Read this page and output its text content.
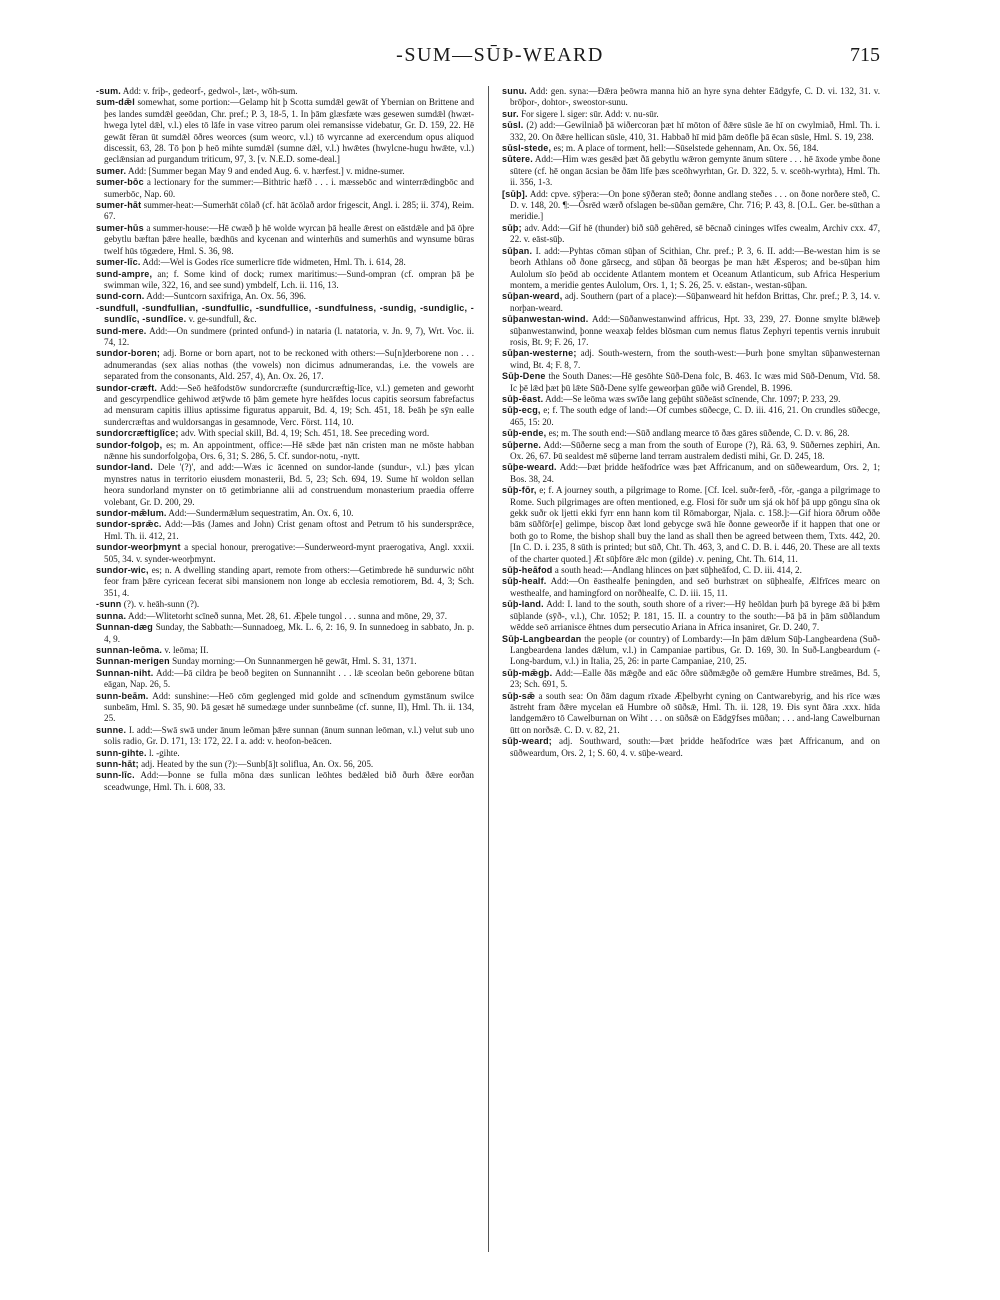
-SUM—SŪÞ-WEARD	715

-sum. Add: v. friþ-, gedeorf-, gedwol-, læt-, wōh-sum.

sum-dǣl somewhat, some portion:—Gelamp hit þ Scotta sumdǣl gewāt of Ybernian on Brittene and þes landes sumdǣl geeōdan, Chr. pref.; P. 3, 18-5, 1. In þām glæsfæte wæs gesewen sumdǣl (hwæt-hwega lytel dǣl, v.l.) eles tō lāfe in vase vitreo parum olei remansisse videbatur, Gr. D. 159, 22. Hē gewāt fēran ūt sumdǣl ōðres weorces (sum weorc, v.l.) tō wyrcanne ad exercendum opus aliquod discessit, 63, 28. Tō þon þ heō mihte sumdǣl (sumne dǣl, v.l.) hwǣtes (hwylcne-hugu hwǣte, v.l.) geclǣnsian ad purgandum triticum, 97, 3. [v. N.E.D. some-deal.]

sumer. Add: [Summer began May 9 and ended Aug. 6. v. hærfest.] v. midne-sumer.

sumer-bōc a lectionary for the summer:—Bithtric hæfð . . . i. mæssebōc and winterrǣdingbōc and sumerbōc, Nap. 60.

sumer-hāt summer-heat:—Sumerhāt cōlað (cf. hāt ācōlað ardor frigescit, Angl. i. 285; ii. 374), Reim. 67.

sumer-hūs a summer-house:—Hē cwæð þ hē wolde wyrcan þā healle ǣrest on eāstdǣle and þā ōþre gebytlu bæftan þǣre healle, bædhūs and kycenan and winterhūs and sumerhūs and wynsume būras twelf hūs tōgædere, Hml. S. 36, 98.

sumer-līc. Add:—Wel is Godes rīce sumerlicre tīde widmeten, Hml. Th. i. 614, 28.

sund-ampre, an; f. Some kind of dock; rumex maritimus:—Sund-ompran (cf. ompran þā þe swimman wile, 322, 16, and see sund) ymbdelf, Lch. ii. 116, 13.

sund-corn. Add:—Suntcorn saxifriga, An. Ox. 56, 396.

-sundfull, -sundfullian, -sundfullic, -sundfullice, -sundfulness, -sundig, -sundiglic, -sundlīc, -sundlīce. v. ge-sundfull, &c.

sund-mere. Add:—On sundmere (printed onfund-) in nataria (l. natatoria, v. Jn. 9, 7), Wrt. Voc. ii. 74, 12.

sundor-boren; adj. Borne or born apart, not to be reckoned with others:—Su[n]derborene non . . . adnumerandas (sex alias nothas (the vowels) non dicimus adnumerandas, i.e. the vowels are separated from the consonants, Ald. 257, 4), An. Ox. 26, 17.

sundor-cræft. Add:—Seō heāfodstōw sundorcræfte (sundurcræftig-līce, v.l.) gemeten and geworht and gescyrpendlice gehiwod ætȳwde tō þām gemete hyre heāfdes locus capitis seorsum fabrefactus ad mensuram capitis illius aptissime figuratus apparuit, Bd. 4, 19; Sch. 451, 18. Þeāh þe sȳn ealle sundercræftas and wuldorsangas in gesamnode, Verc. Först. 114, 10.

sundorcræftiglīce; adv. With special skill, Bd. 4, 19; Sch. 451, 18. See preceding word.

sundor-folgoþ, es; m. An appointment, office:—Hē sǣde þæt nān cristen man ne mōste habban nǣnne his sundorfolgoþa, Ors. 6, 31; S. 286, 5. Cf. sundor-notu, -nytt.

sundor-land. Dele '(?)', and add:—Wæs ic ācenned on sundor-lande (sundur-, v.l.) þæs ylcan mynstres natus in territorio eiusdem monasterii, Bd. 5, 23; Sch. 694, 19. Sume hī woldon sellan heora sundorland mynster on tō getimbrianne alii ad construendum monasterium praedia offerre volebant, Gr. D. 200, 29.

sundor-mǣlum. Add:—Sundermǣlum sequestratim, An. Ox. 6, 10.

sundor-sprǣc. Add:—Þās (James and John) Crist genam oftost and Petrum tō his sundersprǣce, Hml. Th. ii. 412, 21.

sundor-weorþmynt a special honour, prerogative:—Sunderweord-mynt praerogativa, Angl. xxxii. 505, 34. v. synder-weorþmynt.

sundor-wic, es; n. A dwelling standing apart, remote from others:—Getimbrede hē sundurwic nōht feor fram þǣre cyricean fecerat sibi mansionem non longe ab ecclesia remotiorem, Bd. 4, 3; Sch. 351, 4.

-sunn (?). v. heāh-sunn (?).

sunna. Add:—Wlitetorht scīneð sunna, Met. 28, 61. Æþele tungol . . . sunna and mōne, 29, 37.

Sunnan-dæg Sunday, the Sabbath:—Sunnadoeg, Mk. L. 6, 2: 16, 9. In sunnedoeg in sabbato, Jn. p. 4, 9.

sunnan-leōma. v. leōma; II.

Sunnan-merigen Sunday morning:—On Sunnanmergen hē gewāt, Hml. S. 31, 1371.

Sunnan-niht. Add:—Þā cildra þe beoð begiten on Sunnanniht . . . lǣ sceolan beōn geborene būtan eāgan, Nap. 26, 5.

sunn-beām. Add: sunshine:—Heō cōm geglenged mid golde and scīnendum gymstānum swilce sunbeām, Hml. S. 35, 90. Þā gesæt hē sumedæge under sunnbeāme (cf. sunne, II), Hml. Th. ii. 134, 25.

sunne. I. add:—Swā swā under ānum leōman þǣre sunnan (ānum sunnan leōman, v.l.) velut sub uno solis radio, Gr. D. 171, 13: 172, 22. I a. add: v. heofon-beācen.

sunn-gihte. l. -gihte.

sunn-hāt; adj. Heated by the sun (?):—Sunb[ā]t solifluа, An. Ox. 56, 205.

sunn-līc. Add:—Þonne se fulla mōna dæs sunlican leōhtes bedǣled bið ðurh ðǣre eorðan sceadwunge, Hml. Th. i. 608, 33.

sunu. Add: gen. syna:—Ðǣra þeōwra manna hiō an hyre syna dehter Eādgyfe, C. D. vi. 132, 31. v. brōþor-, dohtor-, sweostor-sunu.

sur. For sigere l. siger: sūr. Add: v. nu-sūr.

sūsl. (2) add:—Gewilniað þā wiðercoran þæt hī mōton of ðǣre sūsle āe hī on cwylmiað, Hml. Th. i. 332, 20. On ðǣre hellican sūsle, 410, 31. Habbað hī mid þām deōfle þā ēcan sūsle, Hml. S. 19, 238.

sūsl-stede, es; m. A place of torment, hell:—Sūselstede gehennam, An. Ox. 56, 184.

sūtere. Add:—Him wæs gesǣd þæt ðā gebytlu wǣron gemynte ānum sūtere . . . hē āxode ymbe ðone sūtere (cf. hē ongan ācsian be ðām līfe þæs sceōhwyrhtan, Gr. D. 322, 5. v. sceōh-wyrhta), Hml. Th. ii. 356, 1-3.

[sūþ]. Add: cpve. sȳþera:—On þone sȳðeran steð; ðonne andlang steðes . . . on ðone norðere steð, C. D. v. 148, 20. ¶:—Ōsrēd wærð ofslagen be-sūðan gemǣre, Chr. 716; P. 43, 8. [O.L. Ger. be-sūthan a meridie.]

sūþ; adv. Add:—Gif hē (thunder) bið sūð gehēred, sē bēcnað cininges wīfes cwealm, Archiv cxx. 47, 22. v. eāst-sūþ.

sūþan. I. add:—Pyhtas cōman sūþan of Scithian, Chr. pref.; P. 3, 6. II. add:—Be-westan him is se beorh Athlans oð ðone gārsecg, and sūþan ðā beorgas þe man hǣt Æsperos; and be-sūþan him Aulolum sīo þeōd ab occidente Atlantem montem et Oceanum Atlanticum, sub Africa Hesperium montem, a meridie gentes Aulolum, Ors. 1, 1; S. 26, 25. v. eāstan-, westan-sūþan.

sūþan-weard, adj. Southern (part of a place):—Sūþanweard hit hefdon Brittas, Chr. pref.; P. 3, 14. v. norþan-weard.

sūþanwestan-wind. Add:—Sūðanwestanwind affricus, Hpt. 33, 239, 27. Ðonne smylte blǣweþ sūþanwestanwind, þonne weaxaþ feldes blōsman cum nemus flatus Zephyri tepentis vernis inrubuit rosis, Bt. 9; F. 26, 17.

sūþan-westerne; adj. South-western, from the south-west:—Þurh þone smyltan sūþanwesternan wind, Bt. 4; F. 8, 7.

Sūþ-Dene the South Danes:—Hē gesōhte Sūð-Dena folc, B. 463. Ic wæs mid Sūð-Denum, Vīd. 58. Ic þē lǣd þæt þū lǣte Sūð-Dene sylfe geweorþan gūðe wið Grendel, B. 1996.

sūþ-ēast. Add:—Se leōma wæs swīðe lang geþūht sūðeāst scīnende, Chr. 1097; P. 233, 29.

sūþ-ecg, e; f. The south edge of land:—Of cumbes sūðecge, C. D. iii. 416, 21. On crundles sūðecge, 465, 15: 20.

sūþ-ende, es; m. The south end:—Sūð andlang mearce tō ðæs gāres sūðende, C. D. v. 86, 28.

sūþerne. Add:—Sūðerne secg a man from the south of Europe (?), Rä. 63, 9. Sūðernes zephiri, An. Ox. 26, 67. Þū sealdest mē sūþerne land terram australem dedisti mihi, Gr. D. 245, 18.

sūþe-weard. Add:—Þæt þridde heāfodrīce wæs þæt Affricanum, and on sūðeweardum, Ors. 2, 1; Bos. 38, 24.

sūþ-fōr, e; f. A journey south, a pilgrimage to Rome. [Cf. Icel. suðr-ferð, -för, -ganga a pilgrimage to Rome. Such pilgrimages are often mentioned, e.g. Flosi fōr suðr um sjá ok hōf þā upp gōngu sīna ok gekk suðr ok ljetti ekki fyrr enn hann kom til Rōmaborgar, Njala. c. 158.]:—Gif hiora ōðrum oððe bām sūðfōr[e] gelimpe, biscop ðæt lond gebycge swā hīe ðonne geweorðe if it happen that one or both go to Rome, the bishop shall buy the land as shall then be agreed between them, Txts. 442, 20. [In C. D. i. 235, 8 sūth is printed; but sūð, Cht. Th. 463, 3, and C. D. B. i. 446, 20. These are all texts of the charter quoted.] Æt sūþfōre ǣlc mon (gilde) .v. pening, Cht. Th. 614, 11.

sūþ-heāfod a south head:—Andlang hlinces on þæt sūþheāfod, C. D. iii. 414, 2.

sūþ-healf. Add:—On ēasthealfe þeningden, and seō burhstræt on sūþhealfe, Ælfrīces mearc on westhealfe, and hamingford on norðhealfe, C. D. iii. 15, 11.

sūþ-land. Add: I. land to the south, south shore of a river:—Hȳ heōldan þurh þā byrege ǣā bi þǣm sūþlande (sȳð-, v.l.), Chr. 1052; P. 181, 15. II. a country to the south:—Þā þā in þām sūðlandum wēdde seō arrianisce ēhtnes dum persecutio Ariana in Africa insaniret, Gr. D. 240, 7.

Sūþ-Langbeardan the people (or country) of Lombardy:—In þām dǣlum Sūþ-Langbeardena (Suð-Langbeardena landes dǣlum, v.l.) in Campaniae partibus, Gr. D. 169, 30. In Suð-Langbeardum (-Long-bardum, v.l.) in Italia, 25, 26: in parte Campaniae, 210, 25.

sūþ-mǣgþ. Add:—Ealle ðās mǣgðe and eāc ōðre sūðmǣgðe oð gemǣre Humbre streāmes, Bd. 5, 23; Sch. 691, 5.

sūþ-sǣ a south sea: On ðām dagum rīxade Æþelbyrht cyning on Cantwarebyrig, and his rīce wæs āstreht fram ðǣre mycelan eā Humbre oð sūðsǣ, Hml. Th. ii. 128, 19. Ðis synt ðāra .xxx. hīda landgemǣro tō Cawelburnan on Wiht . . . on sūðsǣ on Eādgȳfses mūðan; . . . and-lang Cawelburnan ūtt on norðsǣ. C. D. v. 82, 21.

sūþ-weard; adj. Southward, south:—Þæt þridde heāfodrīce wæs þæt Affricanum, and on sūðweardum, Ors. 2, 1; S. 60, 4. v. sūþe-weard.
